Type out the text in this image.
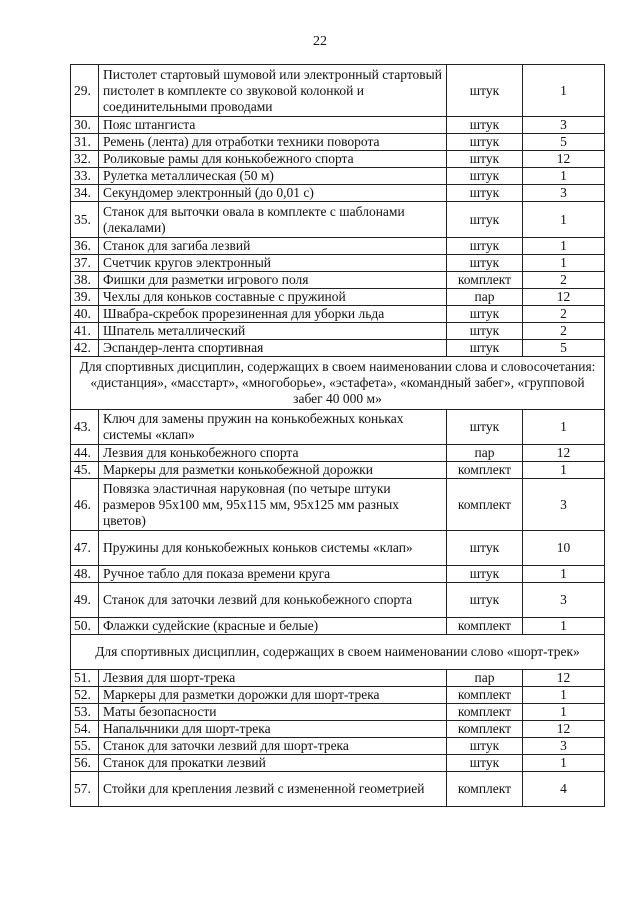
22
29.	Пистолет стартовый шумовой или электронный стартовый пистолет в комплекте со звуковой колонкой и соединительными проводами	штук	1
30.	Пояс штангиста	штук	3
31.	Ремень (лента) для отработки техники поворота	штук	5
32.	Роликовые рамы для конькобежного спорта	штук	12
33.	Рулетка металлическая (50 м)	штук	1
34.	Секундомер электронный (до 0,01 с)	штук	3
35.	Станок для выточки овала в комплекте с шаблонами (лекалами)	штук	1
36.	Станок для загиба лезвий	штук	1
37.	Счетчик кругов электронный	штук	1
38.	Фишки для разметки игрового поля	комплект	2
39.	Чехлы для коньков составные с пружиной	пар	12
40.	Швабра-скребок прорезиненная для уборки льда	штук	2
41.	Шпатель металлический	штук	2
42.	Эспандер-лента спортивная	штук	5
Для спортивных дисциплин, содержащих в своем наименовании слова и словосочетания: «дистанция», «масстарт», «многоборье», «эстафета», «командный забег», «групповой забег 40 000 м»			
43.	Ключ для замены пружин на конькобежных коньках системы «клап»	штук	1
44.	Лезвия для конькобежного спорта	пар	12
45.	Маркеры для разметки конькобежной дорожки	комплект	1
46.	Повязка эластичная наруковная (по четыре штуки размеров 95x100 мм, 95x115 мм, 95x125 мм разных цветов)	комплект	3
47.	Пружины для конькобежных коньков системы «клап»	штук	10
48.	Ручное табло для показа времени круга	штук	1
49.	Станок для заточки лезвий для конькобежного спорта	штук	3
50.	Флажки судейские (красные и белые)	комплект	1
Для спортивных дисциплин, содержащих в своем наименовании слово «шорт-трек»			
51.	Лезвия для шорт-трека	пар	12
52.	Маркеры для разметки дорожки для шорт-трека	комплект	1
53.	Маты безопасности	комплект	1
54.	Напальчники для шорт-трека	комплект	12
55.	Станок для заточки лезвий для шорт-трека	штук	3
56.	Станок для прокатки лезвий	штук	1
57.	Стойки для крепления лезвий с измененной геометрией	комплект	4
